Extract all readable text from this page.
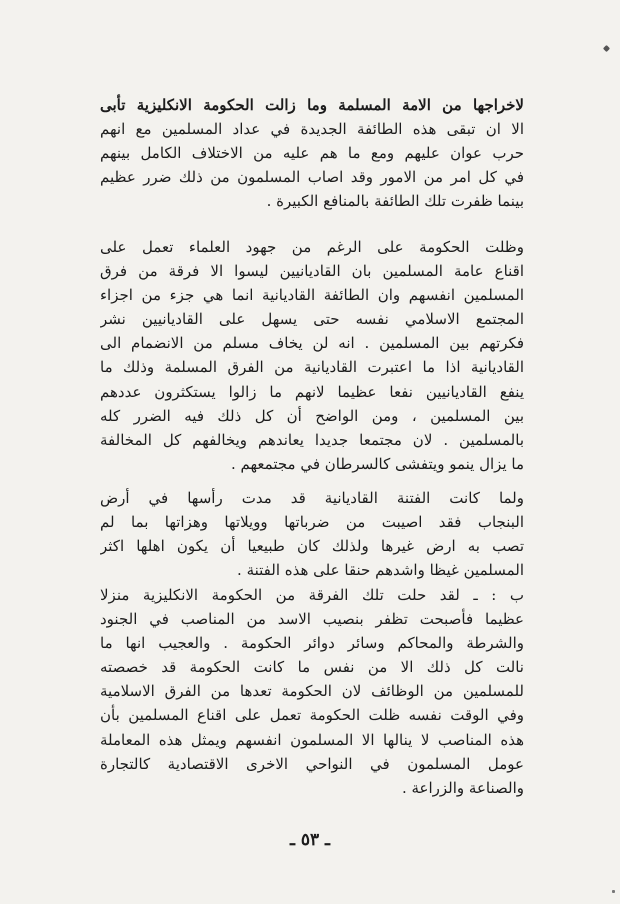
لاخراجها من الامة المسلمة وما زالت الحكومة الانكليزية تأبى
الا ان تبقى هذه الطائفة الجديدة في عداد المسلمين مع انهم
حرب عوان عليهم ومع ما هم عليه من الاختلاف الكامل بينهم
في كل امر من الامور وقد اصاب المسلمون من ذلك ضرر عظيم
بينما ظفرت تلك الطائفة بالمنافع الكبيرة .
وظلت الحكومة على الرغم من جهود العلماء تعمل على
اقناع عامة المسلمين بان القاديانيين ليسوا الا فرقة من فرق
المسلمين انفسهم وان الطائفة القاديانية انما هي جزء من اجزاء
المجتمع الاسلامي نفسه حتى يسهل على القاديانيين نشر
فكرتهم بين المسلمين . انه لن يخاف مسلم من الانضمام الى
القاديانية اذا ما اعتبرت القاديانية من الفرق المسلمة وذلك ما
ينفع القاديانيين نفعا عظيما لانهم ما زالوا يستكثرون عددهم
بين المسلمين ، ومن الواضح أن كل ذلك فيه الضرر كله
بالمسلمين . لان مجتمعا جديدا يعاندهم ويخالفهم كل المخالفة
ما يزال ينمو ويتفشى كالسرطان في مجتمعهم .
ولما كانت الفتنة القاديانية قد مدت رأسها في أرض
البنجاب فقد اصيبت من ضرباتها وويلاتها وهزاتها بما لم
تصب به ارض غيرها ولذلك كان طبيعيا أن يكون اهلها اكثر
المسلمين غيظا واشدهم حنقا على هذه الفتنة .
ب : ـ لقد حلت تلك الفرقة من الحكومة الانكليزية منزلا
عظيما فأصبحت تظفر بنصيب الاسد من المناصب في الجنود
والشرطة والمحاكم وسائر دوائر الحكومة . والعجيب انها ما
نالت كل ذلك الا من نفس ما كانت الحكومة قد خصصته
للمسلمين من الوظائف لان الحكومة تعدها من الفرق الاسلامية
وفي الوقت نفسه ظلت الحكومة تعمل على اقناع المسلمين بأن
هذه المناصب لا ينالها الا المسلمون انفسهم ويمثل هذه المعاملة
عومل المسلمون في النواحي الاخرى الاقتصادية كالتجارة
والصناعة والزراعة .
ـ ٥٣ ـ
